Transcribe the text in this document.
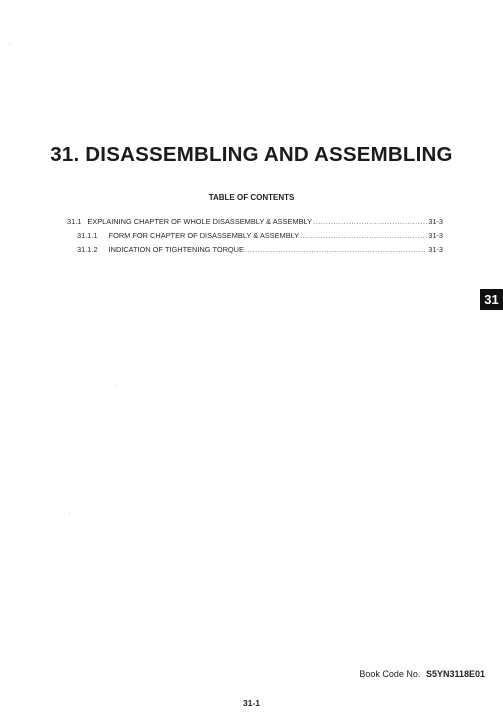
31. DISASSEMBLING AND ASSEMBLING
TABLE OF CONTENTS
31.1 EXPLAINING CHAPTER OF WHOLE DISASSEMBLY & ASSEMBLY .....	31-3
31.1.1 FORM FOR CHAPTER OF DISASSEMBLY & ASSEMBLY .....	31-3
31.1.2 INDICATION OF TIGHTENING TORQUE .....	31-3
31
Book Code No. S5YN3118E01
31-1
